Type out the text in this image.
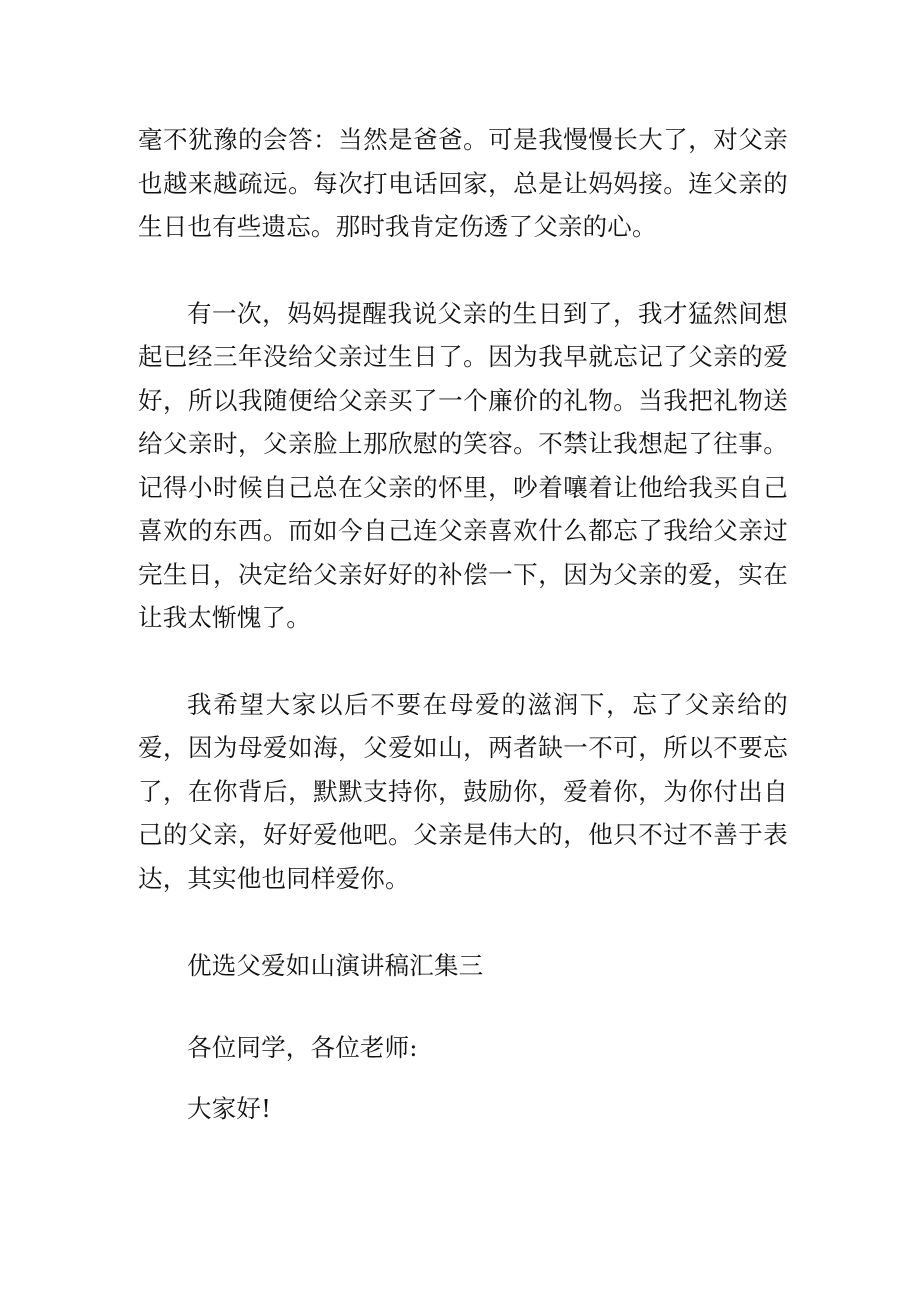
毫不犹豫的会答：当然是爸爸。可是我慢慢长大了，对父亲也越来越疏远。每次打电话回家，总是让妈妈接。连父亲的生日也有些遗忘。那时我肯定伤透了父亲的心。

有一次，妈妈提醒我说父亲的生日到了，我才猛然间想起已经三年没给父亲过生日了。因为我早就忘记了父亲的爱好，所以我随便给父亲买了一个廉价的礼物。当我把礼物送给父亲时，父亲脸上那欣慰的笑容。不禁让我想起了往事。记得小时候自己总在父亲的怀里，吵着嚷着让他给我买自己喜欢的东西。而如今自己连父亲喜欢什么都忘了我给父亲过完生日，决定给父亲好好的补偿一下，因为父亲的爱，实在让我太惭愧了。

我希望大家以后不要在母爱的滋润下，忘了父亲给的爱，因为母爱如海，父爱如山，两者缺一不可，所以不要忘了，在你背后，默默支持你，鼓励你，爱着你，为你付出自己的父亲，好好爱他吧。父亲是伟大的，他只不过不善于表达，其实他也同样爱你。

优选父爱如山演讲稿汇集三

各位同学，各位老师:

大家好!
